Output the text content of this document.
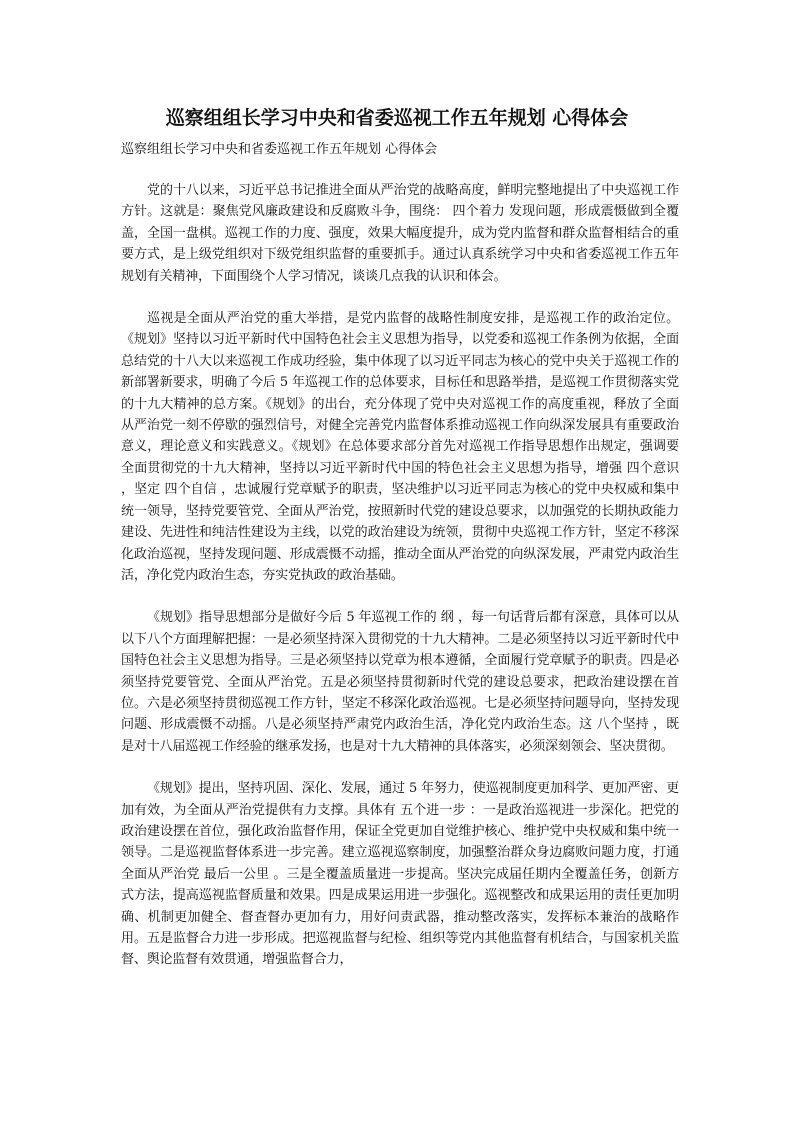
巡察组组长学习中央和省委巡视工作五年规划 心得体会

巡察组组长学习中央和省委巡视工作五年规划 心得体会

党的十八以来，习近平总书记推进全面从严治党的战略高度，鲜明完整地提出了中央巡视工作方针。这就是：聚焦党风廉政建设和反腐败斗争，围绕： 四个着力 发现问题，形成震慑做到全覆盖，全国一盘棋。巡视工作的力度、强度，效果大幅度提升，成为党内监督和群众监督相结合的重要方式，是上级党组织对下级党组织监督的重要抓手。通过认真系统学习中央和省委巡视工作五年规划有关精神，下面围绕个人学习情况，谈谈几点我的认识和体会。

巡视是全面从严治党的重大举措，是党内监督的战略性制度安排，是巡视工作的政治定位。《规划》坚持以习近平新时代中国特色社会主义思想为指导，以党委和巡视工作条例为依据，全面总结党的十八大以来巡视工作成功经验，集中体现了以习近平同志为核心的党中央关于巡视工作的新部署新要求，明确了今后 5 年巡视工作的总体要求，目标任和思路举措，是巡视工作贯彻落实党的十九大精神的总方案。《规划》的出台，充分体现了党中央对巡视工作的高度重视，释放了全面从严治党一刻不停歇的强烈信号，对健全完善党内监督体系推动巡视工作向纵深发展具有重要政治意义，理论意义和实践意义。《规划》在总体要求部分首先对巡视工作指导思想作出规定，强调要全面贯彻党的十九大精神，坚持以习近平新时代中国的特色社会主义思想为指导，增强 四个意识 ，坚定 四个自信 ，忠诚履行党章赋予的职责，坚决维护以习近平同志为核心的党中央权威和集中统一领导，坚持党要管党、全面从严治党，按照新时代党的建设总要求，以加强党的长期执政能力建设、先进性和纯洁性建设为主线，以党的政治建设为统领，贯彻中央巡视工作方针，坚定不移深化政治巡视，坚持发现问题、形成震慑不动摇，推动全面从严治党的向纵深发展，严肃党内政治生活，净化党内政治生态，夯实党执政的政治基础。

《规划》指导思想部分是做好今后 5 年巡视工作的 纲 ，每一句话背后都有深意，具体可以从以下八个方面理解把握：一是必须坚持深入贯彻党的十九大精神。二是必须坚持以习近平新时代中国特色社会主义思想为指导。三是必须坚持以党章为根本遵循，全面履行党章赋予的职责。四是必须坚持党要管党、全面从严治党。五是必须坚持贯彻新时代党的建设总要求，把政治建设摆在首位。六是必须坚持贯彻巡视工作方针，坚定不移深化政治巡视。七是必须坚持问题导向，坚持发现问题、形成震慑不动摇。八是必须坚持严肃党内政治生活，净化党内政治生态。这 八个坚持 ，既是对十八届巡视工作经验的继承发扬，也是对十九大精神的具体落实，必须深刻领会、坚决贯彻。

《规划》提出，坚持巩固、深化、发展，通过 5 年努力，使巡视制度更加科学、更加严密、更加有效，为全面从严治党提供有力支撑。具体有 五个进一步 ：一是政治巡视进一步深化。把党的政治建设摆在首位，强化政治监督作用，保证全党更加自觉维护核心、维护党中央权威和集中统一领导。二是巡视监督体系进一步完善。建立巡视巡察制度，加强整治群众身边腐败问题力度，打通全面从严治党 最后一公里 。三是全覆盖质量进一步提高。坚决完成届任期内全覆盖任务，创新方式方法，提高巡视监督质量和效果。四是成果运用进一步强化。巡视整改和成果运用的责任更加明确、机制更加健全、督查督办更加有力，用好问责武器，推动整改落实，发挥标本兼治的战略作用。五是监督合力进一步形成。把巡视监督与纪检、组织等党内其他监督有机结合，与国家机关监督、舆论监督有效贯通，增强监督合力，
